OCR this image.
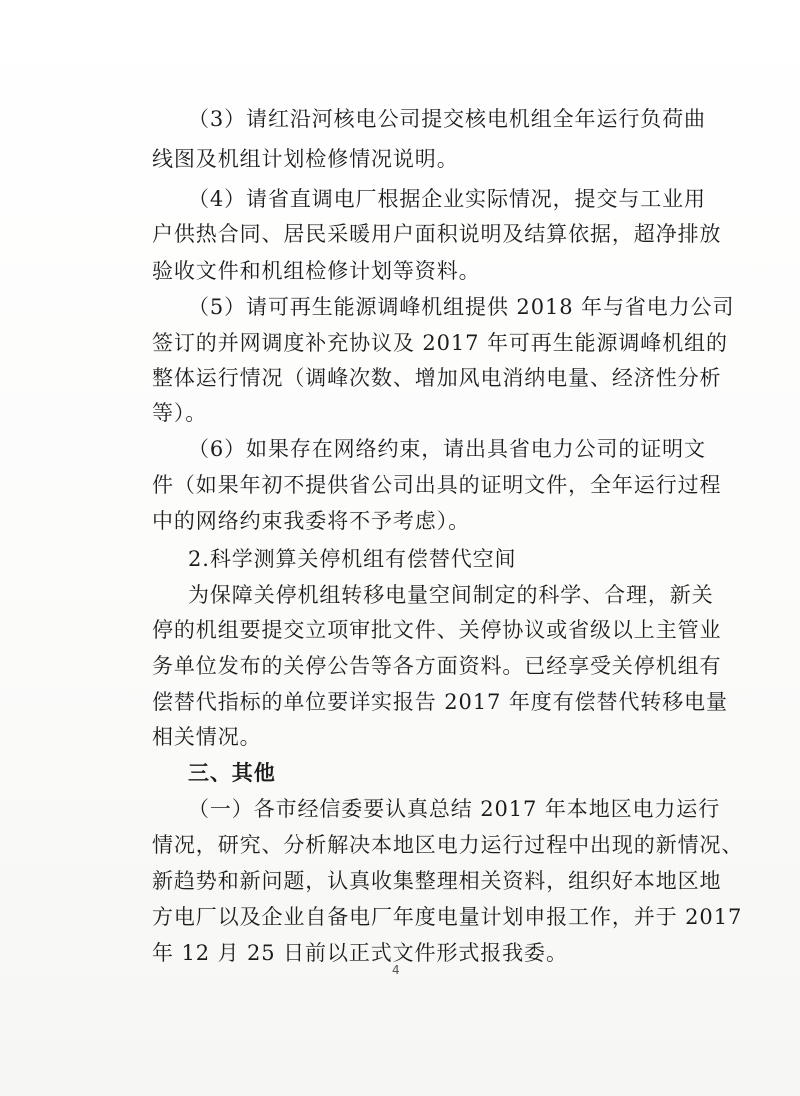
（3）请红沿河核电公司提交核电机组全年运行负荷曲
线图及机组计划检修情况说明。
（4）请省直调电厂根据企业实际情况，提交与工业用
户供热合同、居民采暖用户面积说明及结算依据，超净排放
验收文件和机组检修计划等资料。
（5）请可再生能源调峰机组提供 2018 年与省电力公司
签订的并网调度补充协议及 2017 年可再生能源调峰机组的
整体运行情况（调峰次数、增加风电消纳电量、经济性分析
等）。
（6）如果存在网络约束，请出具省电力公司的证明文
件（如果年初不提供省公司出具的证明文件，全年运行过程
中的网络约束我委将不予考虑）。
2.科学测算关停机组有偿替代空间
为保障关停机组转移电量空间制定的科学、合理，新关
停的机组要提交立项审批文件、关停协议或省级以上主管业
务单位发布的关停公告等各方面资料。已经享受关停机组有
偿替代指标的单位要详实报告 2017 年度有偿替代转移电量
相关情况。
三、其他
（一）各市经信委要认真总结 2017 年本地区电力运行
情况，研究、分析解决本地区电力运行过程中出现的新情况、
新趋势和新问题，认真收集整理相关资料，组织好本地区地
方电厂以及企业自备电厂年度电量计划申报工作，并于 2017
年 12 月 25 日前以正式文件形式报我委。
4
